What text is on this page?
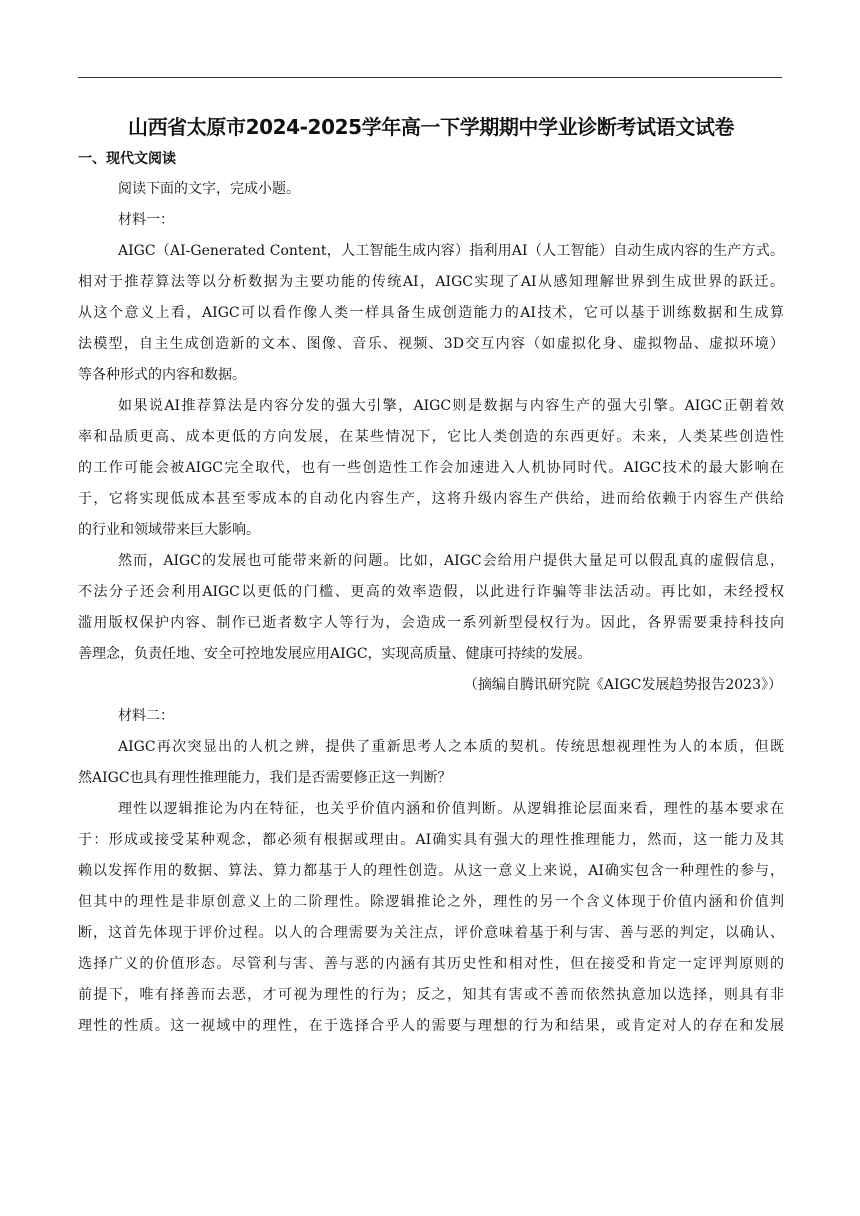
山西省太原市2024-2025学年高一下学期期中学业诊断考试语文试卷
一、现代文阅读
阅读下面的文字，完成小题。
材料一：
AIGC（AI-Generated Content，人工智能生成内容）指利用AI（人工智能）自动生成内容的生产方式。
相对于推荐算法等以分析数据为主要功能的传统AI，AIGC实现了AI从感知理解世界到生成世界的跃迁。
从这个意义上看，AIGC可以看作像人类一样具备生成创造能力的AI技术，它可以基于训练数据和生成算
法模型，自主生成创造新的文本、图像、音乐、视频、3D交互内容（如虚拟化身、虚拟物品、虚拟环境）
等各种形式的内容和数据。
如果说AI推荐算法是内容分发的强大引擎，AIGC则是数据与内容生产的强大引擎。AIGC正朝着效
率和品质更高、成本更低的方向发展，在某些情况下，它比人类创造的东西更好。未来，人类某些创造性
的工作可能会被AIGC完全取代，也有一些创造性工作会加速进入人机协同时代。AIGC技术的最大影响在
于，它将实现低成本甚至零成本的自动化内容生产，这将升级内容生产供给，进而给依赖于内容生产供给
的行业和领域带来巨大影响。
然而，AIGC的发展也可能带来新的问题。比如，AIGC会给用户提供大量足可以假乱真的虚假信息，
不法分子还会利用AIGC以更低的门槛、更高的效率造假，以此进行诈骗等非法活动。再比如，未经授权
滥用版权保护内容、制作已逝者数字人等行为，会造成一系列新型侵权行为。因此，各界需要秉持科技向
善理念，负责任地、安全可控地发展应用AIGC，实现高质量、健康可持续的发展。
（摘编自腾讯研究院《AIGC发展趋势报告2023》）
材料二：
AIGC再次突显出的人机之辨，提供了重新思考人之本质的契机。传统思想视理性为人的本质，但既
然AIGC也具有理性推理能力，我们是否需要修正这一判断？
理性以逻辑推论为内在特征，也关乎价值内涵和价值判断。从逻辑推论层面来看，理性的基本要求在
于：形成或接受某种观念，都必须有根据或理由。AI确实具有强大的理性推理能力，然而，这一能力及其
赖以发挥作用的数据、算法、算力都基于人的理性创造。从这一意义上来说，AI确实包含一种理性的参与，
但其中的理性是非原创意义上的二阶理性。除逻辑推论之外，理性的另一个含义体现于价值内涵和价值判
断，这首先体现于评价过程。以人的合理需要为关注点，评价意味着基于利与害、善与恶的判定，以确认、
选择广义的价值形态。尽管利与害、善与恶的内涵有其历史性和相对性，但在接受和肯定一定评判原则的
前提下，唯有择善而去恶，才可视为理性的行为；反之，知其有害或不善而依然执意加以选择，则具有非
理性的性质。这一视域中的理性，在于选择合乎人的需要与理想的行为和结果，或肯定对人的存在和发展
